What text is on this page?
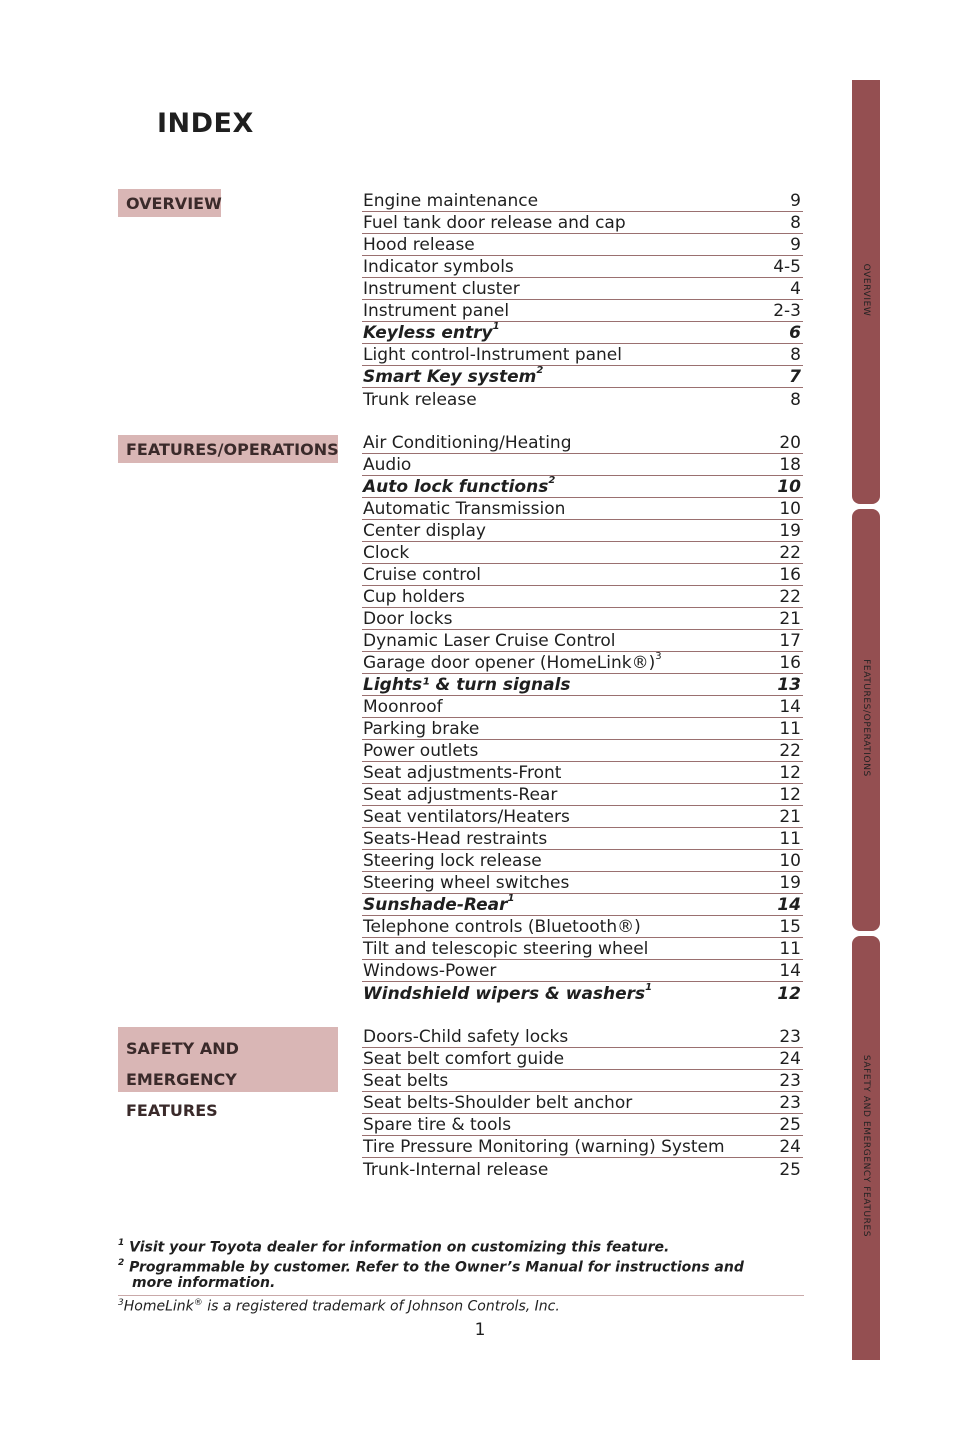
INDEX
OVERVIEW
FEATURES/OPERATIONS
SAFETY AND
EMERGENCY FEATURES
Engine maintenance	9
Fuel tank door release and cap	8
Hood release	9
Indicator symbols	4-5
Instrument cluster	4
Instrument panel	2-3
Keyless entry$^1$	6
Light control-Instrument panel	8
Smart Key system$^2$	7
Trunk release	8
Air Conditioning/Heating	20
Audio	18
Auto lock functions$^2$	10
Automatic Transmission	10
Center display	19
Clock	22
Cruise control	16
Cup holders	22
Door locks	21
Dynamic Laser Cruise Control	17
Garage door opener (HomeLink®)$^3$	16
Lights¹ & turn signals	13
Moonroof	14
Parking brake	11
Power outlets	22
Seat adjustments-Front	12
Seat adjustments-Rear	12
Seat ventilators/Heaters	21
Seats-Head restraints	11
Steering lock release	10
Steering wheel switches	19
Sunshade-Rear$^1$	14
Telephone controls (Bluetooth®)	15
Tilt and telescopic steering wheel	11
Windows-Power	14
Windshield wipers & washers$^1$	12
Doors-Child safety locks	23
Seat belt comfort guide	24
Seat belts	23
Seat belts-Shoulder belt anchor	23
Spare tire & tools	25
Tire Pressure Monitoring (warning) System	24
Trunk-Internal release	25
OVERVIEW
FEATURES/OPERATIONS
SAFETY AND EMERGENCY FEATURES
$^1$ Visit your Toyota dealer for information on customizing this feature.
$^2$ Programmable by customer. Refer to the Owner’s Manual for instructions and
more information.
$^3$HomeLink® is a registered trademark of Johnson Controls, Inc.
1
